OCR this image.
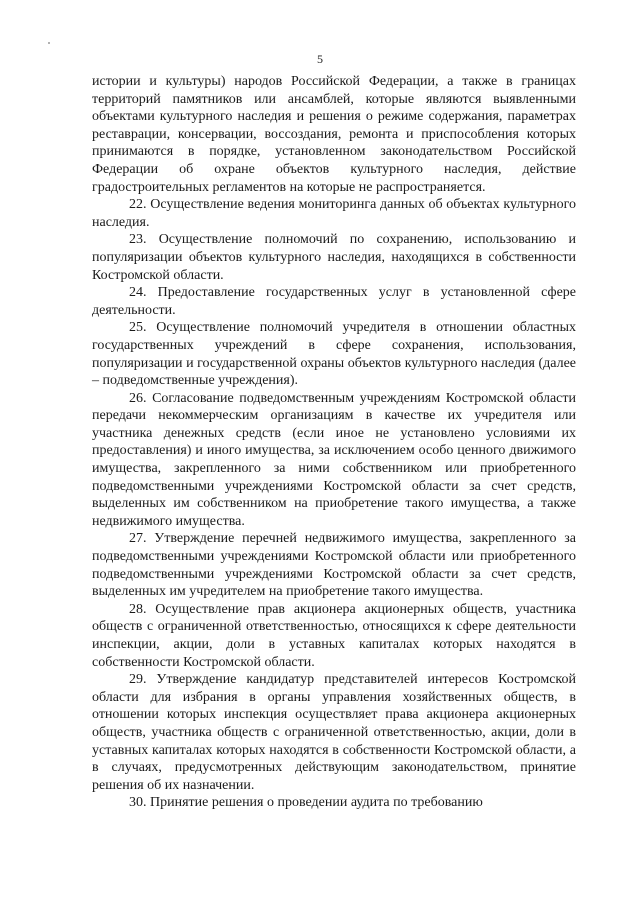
5

истории и культуры) народов Российской Федерации, а также в границах территорий памятников или ансамблей, которые являются выявленными объектами культурного наследия и решения о режиме содержания, параметрах реставрации, консервации, воссоздания, ремонта и приспособления которых принимаются в порядке, установленном законодательством Российской Федерации об охране объектов культурного наследия, действие градостроительных регламентов на которые не распространяется.

22. Осуществление ведения мониторинга данных об объектах культурного наследия.

23. Осуществление полномочий по сохранению, использованию и популяризации объектов культурного наследия, находящихся в собственности Костромской области.

24. Предоставление государственных услуг в установленной сфере деятельности.

25. Осуществление полномочий учредителя в отношении областных государственных учреждений в сфере сохранения, использования, популяризации и государственной охраны объектов культурного наследия (далее – подведомственные учреждения).

26. Согласование подведомственным учреждениям Костромской области передачи некоммерческим организациям в качестве их учредителя или участника денежных средств (если иное не установлено условиями их предоставления) и иного имущества, за исключением особо ценного движимого имущества, закрепленного за ними собственником или приобретенного подведомственными учреждениями Костромской области за счет средств, выделенных им собственником на приобретение такого имущества, а также недвижимого имущества.

27. Утверждение перечней недвижимого имущества, закрепленного за подведомственными учреждениями Костромской области или приобретенного подведомственными учреждениями Костромской области за счет средств, выделенных им учредителем на приобретение такого имущества.

28. Осуществление прав акционера акционерных обществ, участника обществ с ограниченной ответственностью, относящихся к сфере деятельности инспекции, акции, доли в уставных капиталах которых находятся в собственности Костромской области.

29. Утверждение кандидатур представителей интересов Костромской области для избрания в органы управления хозяйственных обществ, в отношении которых инспекция осуществляет права акционера акционерных обществ, участника обществ с ограниченной ответственностью, акции, доли в уставных капиталах которых находятся в собственности Костромской области, а в случаях, предусмотренных действующим законодательством, принятие решения об их назначении.

30. Принятие решения о проведении аудита по требованию
